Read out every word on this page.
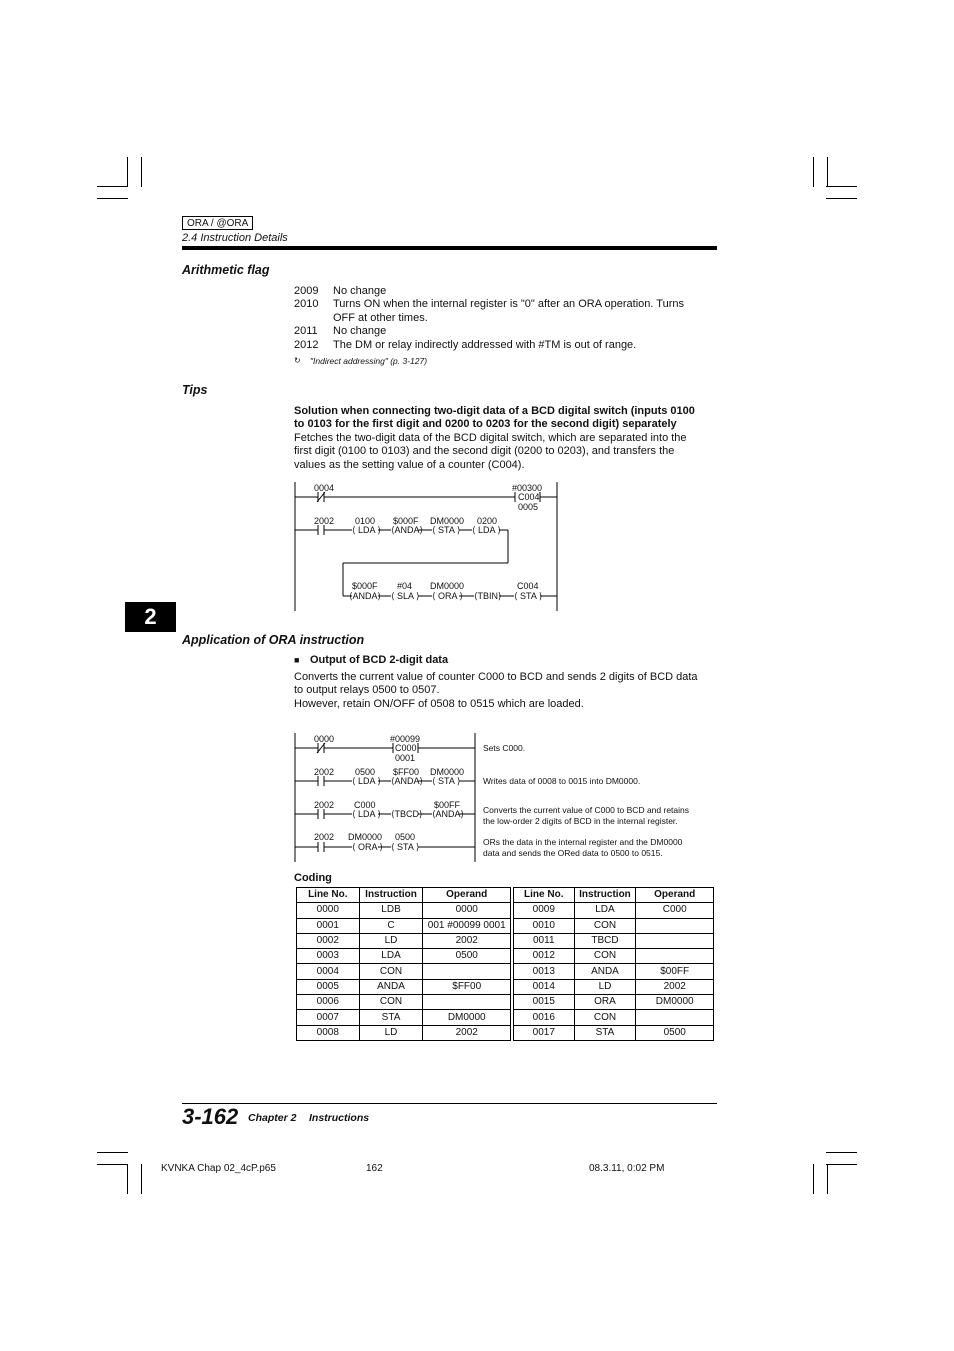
ORA / @ORA
2.4 Instruction Details
Arithmetic flag
2009	No change
2010	Turns ON when the internal register is "0" after an ORA operation. Turns
OFF at other times.
2011	No change
2012	The DM or relay indirectly addressed with #TM is out of range.
↻ "Indirect addressing" (p. 3-127)
Tips
Solution when connecting two-digit data of a BCD digital switch (inputs 0100
to 0103 for the first digit and 0200 to 0203 for the second digit) separately
Fetches the two-digit data of the BCD digital switch, which are separated into the
first digit (0100 to 0103) and the second digit (0200 to 0203), and transfers the
values as the setting value of a counter (C004).
0004	#00300
C004
0005
2002 0100
⟨ LDA ⟩
$000F
⟨ANDA⟩
DM0000
⟨ STA ⟩
0200
⟨ LDA ⟩
$000F
⟨ANDA⟩
#04
⟨ SLA ⟩
DM0000
⟨ ORA ⟩ ⟨TBIN⟩
C004
⟨ STA ⟩
2
Application of ORA instruction
■ Output of BCD 2-digit data
Converts the current value of counter C000 to BCD and sends 2 digits of BCD data
to output relays 0500 to 0507.
However, retain ON/OFF of 0508 to 0515 which are loaded.
0000	#00099
C000
0001
Sets C000.
2002 0500
⟨ LDA ⟩
$FF00
⟨ANDA⟩
DM0000
⟨ STA ⟩	Writes data of 0008 to 0015 into DM0000.
2002 C000
⟨ LDA ⟩ ⟨TBCD⟩
$00FF
⟨ANDA⟩ Converts the current value of C000 to BCD and retains
the low-order 2 digits of BCD in the internal register.
2002 DM0000
⟨ ORA ⟩
0500
⟨ STA ⟩	ORs the data in the internal register and the DM0000
data and sends the ORed data to 0500 to 0515.
Coding
Line No.	Instruction	Operand
0000	LDB	0000
0001	C	001 #00099 0001
0002	LD	2002
0003	LDA	0500
0004	CON	
0005	ANDA	$FF00
0006	CON	
0007	STA	DM0000
0008	LD	2002
Line No.	Instruction	Operand
0009	LDA	C000
0010	CON	
0011	TBCD	
0012	CON	
0013	ANDA	$00FF
0014	LD	2002
0015	ORA	DM0000
0016	CON	
0017	STA	0500
3-162 Chapter 2 Instructions
KVNKA Chap 02_4cP.p65	162	08.3.11, 0:02 PM
